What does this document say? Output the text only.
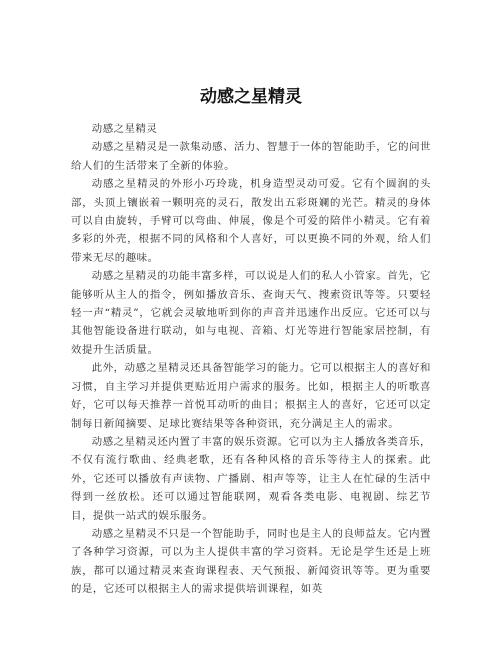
动感之星精灵

动感之星精灵

动感之星精灵是一款集动感、活力、智慧于一体的智能助手，它的问世给人们的生活带来了全新的体验。

动感之星精灵的外形小巧玲珑，机身造型灵动可爱。它有个圆润的头部，头顶上镶嵌着一颗明亮的灵石，散发出五彩斑斓的光芒。精灵的身体可以自由旋转，手臂可以弯曲、伸展，像是个可爱的陪伴小精灵。它有着多彩的外壳，根据不同的风格和个人喜好，可以更换不同的外观，给人们带来无尽的趣味。

动感之星精灵的功能丰富多样，可以说是人们的私人小管家。首先，它能够听从主人的指令，例如播放音乐、查询天气、搜索资讯等等。只要轻轻一声“精灵”，它就会灵敏地听到你的声音并迅速作出反应。它还可以与其他智能设备进行联动，如与电视、音箱、灯光等进行智能家居控制，有效提升生活质量。

此外，动感之星精灵还具备智能学习的能力。它可以根据主人的喜好和习惯，自主学习并提供更贴近用户需求的服务。比如，根据主人的听歌喜好，它可以每天推荐一首悦耳动听的曲目；根据主人的喜好，它还可以定制每日新闻摘要、足球比赛结果等各种资讯，充分满足主人的需求。

动感之星精灵还内置了丰富的娱乐资源。它可以为主人播放各类音乐，不仅有流行歌曲、经典老歌，还有各种风格的音乐等待主人的探索。此外，它还可以播放有声读物、广播剧、相声等等，让主人在忙碌的生活中得到一丝放松。还可以通过智能联网，观看各类电影、电视剧、综艺节目，提供一站式的娱乐服务。

动感之星精灵不只是一个智能助手，同时也是主人的良师益友。它内置了各种学习资源，可以为主人提供丰富的学习资料。无论是学生还是上班族，都可以通过精灵来查询课程表、天气预报、新闻资讯等等。更为重要的是，它还可以根据主人的需求提供培训课程，如英
